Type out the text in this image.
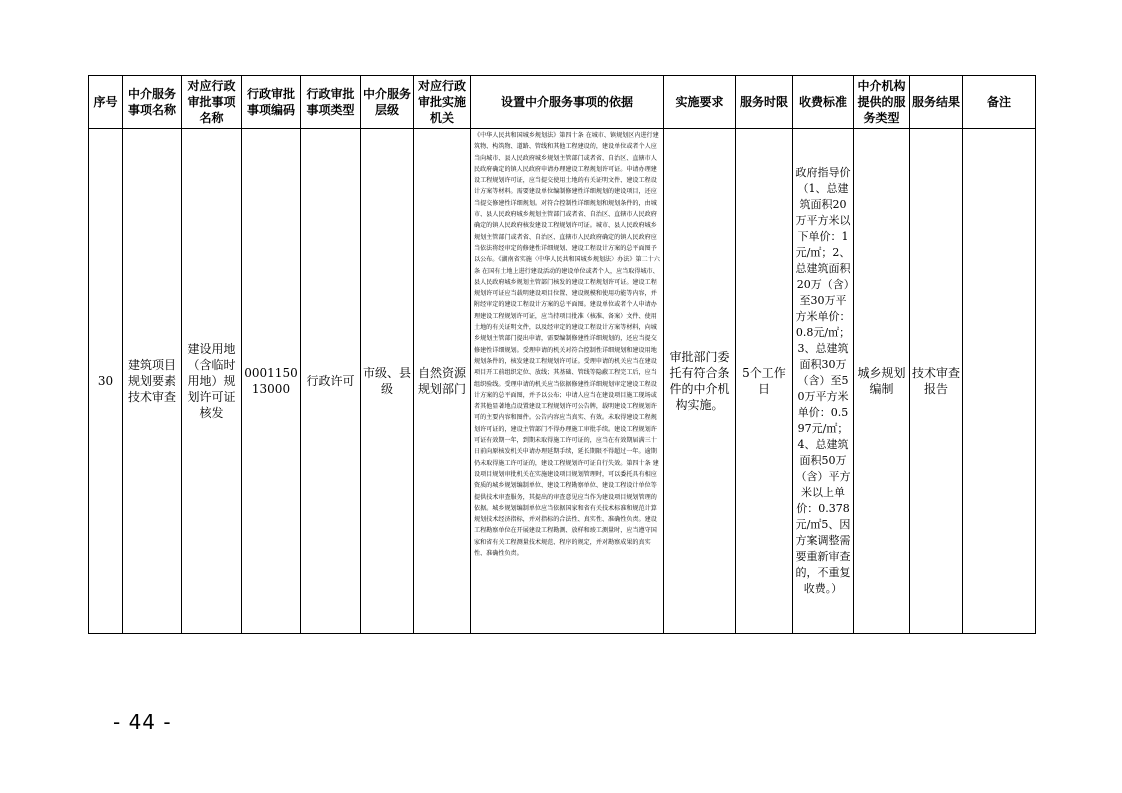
序号	中介服务事项名称	对应行政审批事项名称	行政审批事项编码	行政审批事项类型	中介服务层级	对应行政审批实施机关	设置中介服务事项的依据	实施要求	服务时限	收费标准	中介机构提供的服务类型	服务结果	备注
30	建筑项目规划要素技术审查	建设用地（含临时用地）规划许可证核发	000115013000	行政许可	市级、县级	自然资源规划部门	《中华人民共和国城乡规划法》第四十条 在城市、镇规划区内进行建筑物、构筑物、道路、管线和其他工程建设的，建设单位或者个人应当向城市、县人民政府城乡规划主管部门或者省、自治区、直辖市人民政府确定的镇人民政府申请办理建设工程规划许可证。申请办理建设工程规划许可证，应当提交使用土地的有关证明文件、建设工程设计方案等材料。需要建设单位编制修建性详细规划的建设项目，还应当提交修建性详细规划。对符合控制性详细规划和规划条件的，由城市、县人民政府城乡规划主管部门或者省、自治区、直辖市人民政府确定的镇人民政府核发建设工程规划许可证。城市、县人民政府城乡规划主管部门或者省、自治区、直辖市人民政府确定的镇人民政府应当依法将经审定的修建性详细规划、建设工程设计方案的总平面图予以公布。《湖南省实施〈中华人民共和国城乡规划法〉办法》第二十六条 在国有土地上进行建设活动的建设单位或者个人，应当取得城市、县人民政府城乡规划主管部门核发的建设工程规划许可证。建设工程规划许可证应当载明建设项目位置、建设规模和使用功能等内容，并附经审定的建设工程设计方案的总平面图。建设单位或者个人申请办理建设工程规划许可证，应当持项目批准（核准、备案）文件、使用土地的有关证明文件，以及经审定的建设工程设计方案等材料，向城乡规划主管部门提出申请，需要编制修建性详细规划的，还应当提交修建性详细规划。受理申请的机关对符合控制性详细规划和建设用地规划条件的，核发建设工程规划许可证。受理申请的机关应当在建设项目开工前组织定位、放线；其基础、管线等隐蔽工程完工后，应当组织验线。受理申请的机关应当依据修建性详细规划审定建设工程设计方案的总平面图，并予以公布；申请人应当在建设项目施工现场或者其他显著地点设置建设工程规划许可公告牌，载明建设工程规划许可的主要内容和图件。公告内容应当真实、有效。未取得建设工程规划许可证的，建设主管部门不得办理施工审批手续。建设工程规划许可证有效期一年，到期未取得施工许可证的，应当在有效期届满三十日前向原核发机关申请办理延期手续，延长期限不得超过一年。逾期仍未取得施工许可证的，建设工程规划许可证自行失效。第四十条 建设项目规划审批机关在实施建设项目规划管理时，可以委托具有相应资质的城乡规划编制单位、建设工程勘察单位、建设工程设计单位等提供技术审查服务，其提出的审查意见应当作为建设项目规划管理的依据。城乡规划编制单位应当依据国家和省有关技术标准和规范计算规划技术经济指标，并对指标的合法性、真实性、准确性负责。建设工程勘察单位在开展建设工程勘测、放样和竣工测量时，应当遵守国家和省有关工程测量技术规范、程序的规定，并对勘察成果的真实性、准确性负责。	审批部门委托有符合条件的中介机构实施。	5个工作日	政府指导价（1、总建筑面积20万平方米以下单价：1元/㎡；2、总建筑面积20万（含）至30万平方米单价：0.8元/㎡；3、总建筑面积30万（含）至50万平方米单价：0.597元/㎡；4、总建筑面积50万（含）平方米以上单价：0.378元/㎡5、因方案调整需要重新审查的，不重复收费。）	城乡规划编制	技术审查报告	
- 44 -
